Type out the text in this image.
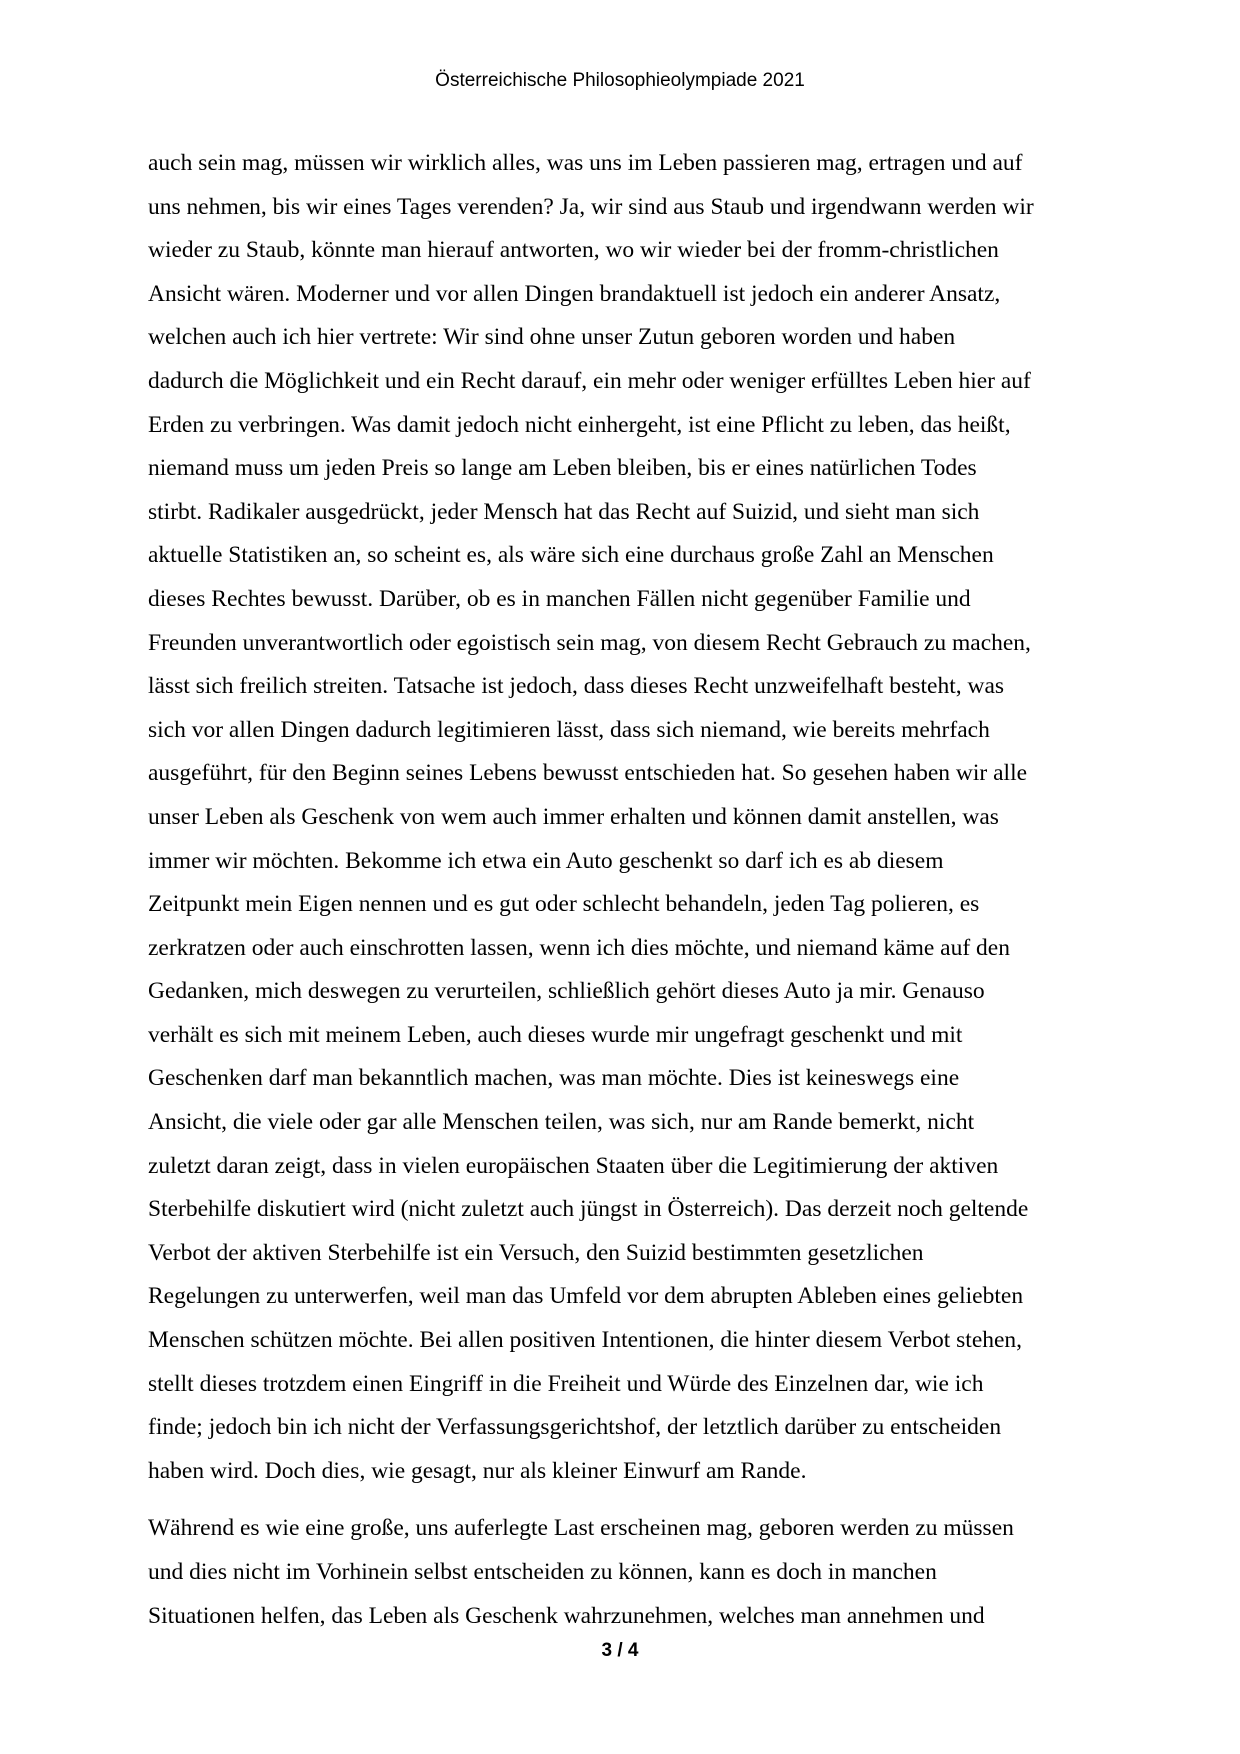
Österreichische Philosophieolympiade 2021
auch sein mag, müssen wir wirklich alles, was uns im Leben passieren mag, ertragen und auf
uns nehmen, bis wir eines Tages verenden? Ja, wir sind aus Staub und irgendwann werden wir
wieder zu Staub, könnte man hierauf antworten, wo wir wieder bei der fromm-christlichen
Ansicht wären. Moderner und vor allen Dingen brandaktuell ist jedoch ein anderer Ansatz,
welchen auch ich hier vertrete: Wir sind ohne unser Zutun geboren worden und haben
dadurch die Möglichkeit und ein Recht darauf, ein mehr oder weniger erfülltes Leben hier auf
Erden zu verbringen. Was damit jedoch nicht einhergeht, ist eine Pflicht zu leben, das heißt,
niemand muss um jeden Preis so lange am Leben bleiben, bis er eines natürlichen Todes
stirbt. Radikaler ausgedrückt, jeder Mensch hat das Recht auf Suizid, und sieht man sich
aktuelle Statistiken an, so scheint es, als wäre sich eine durchaus große Zahl an Menschen
dieses Rechtes bewusst. Darüber, ob es in manchen Fällen nicht gegenüber Familie und
Freunden unverantwortlich oder egoistisch sein mag, von diesem Recht Gebrauch zu machen,
lässt sich freilich streiten. Tatsache ist jedoch, dass dieses Recht unzweifelhaft besteht, was
sich vor allen Dingen dadurch legitimieren lässt, dass sich niemand, wie bereits mehrfach
ausgeführt, für den Beginn seines Lebens bewusst entschieden hat. So gesehen haben wir alle
unser Leben als Geschenk von wem auch immer erhalten und können damit anstellen, was
immer wir möchten. Bekomme ich etwa ein Auto geschenkt so darf ich es ab diesem
Zeitpunkt mein Eigen nennen und es gut oder schlecht behandeln, jeden Tag polieren, es
zerkratzen oder auch einschrotten lassen, wenn ich dies möchte, und niemand käme auf den
Gedanken, mich deswegen zu verurteilen, schließlich gehört dieses Auto ja mir. Genauso
verhält es sich mit meinem Leben, auch dieses wurde mir ungefragt geschenkt und mit
Geschenken darf man bekanntlich machen, was man möchte. Dies ist keineswegs eine
Ansicht, die viele oder gar alle Menschen teilen, was sich, nur am Rande bemerkt, nicht
zuletzt daran zeigt, dass in vielen europäischen Staaten über die Legitimierung der aktiven
Sterbehilfe diskutiert wird (nicht zuletzt auch jüngst in Österreich). Das derzeit noch geltende
Verbot der aktiven Sterbehilfe ist ein Versuch, den Suizid bestimmten gesetzlichen
Regelungen zu unterwerfen, weil man das Umfeld vor dem abrupten Ableben eines geliebten
Menschen schützen möchte. Bei allen positiven Intentionen, die hinter diesem Verbot stehen,
stellt dieses trotzdem einen Eingriff in die Freiheit und Würde des Einzelnen dar, wie ich
finde; jedoch bin ich nicht der Verfassungsgerichtshof, der letztlich darüber zu entscheiden
haben wird. Doch dies, wie gesagt, nur als kleiner Einwurf am Rande.
Während es wie eine große, uns auferlegte Last erscheinen mag, geboren werden zu müssen
und dies nicht im Vorhinein selbst entscheiden zu können, kann es doch in manchen
Situationen helfen, das Leben als Geschenk wahrzunehmen, welches man annehmen und
3 / 4
